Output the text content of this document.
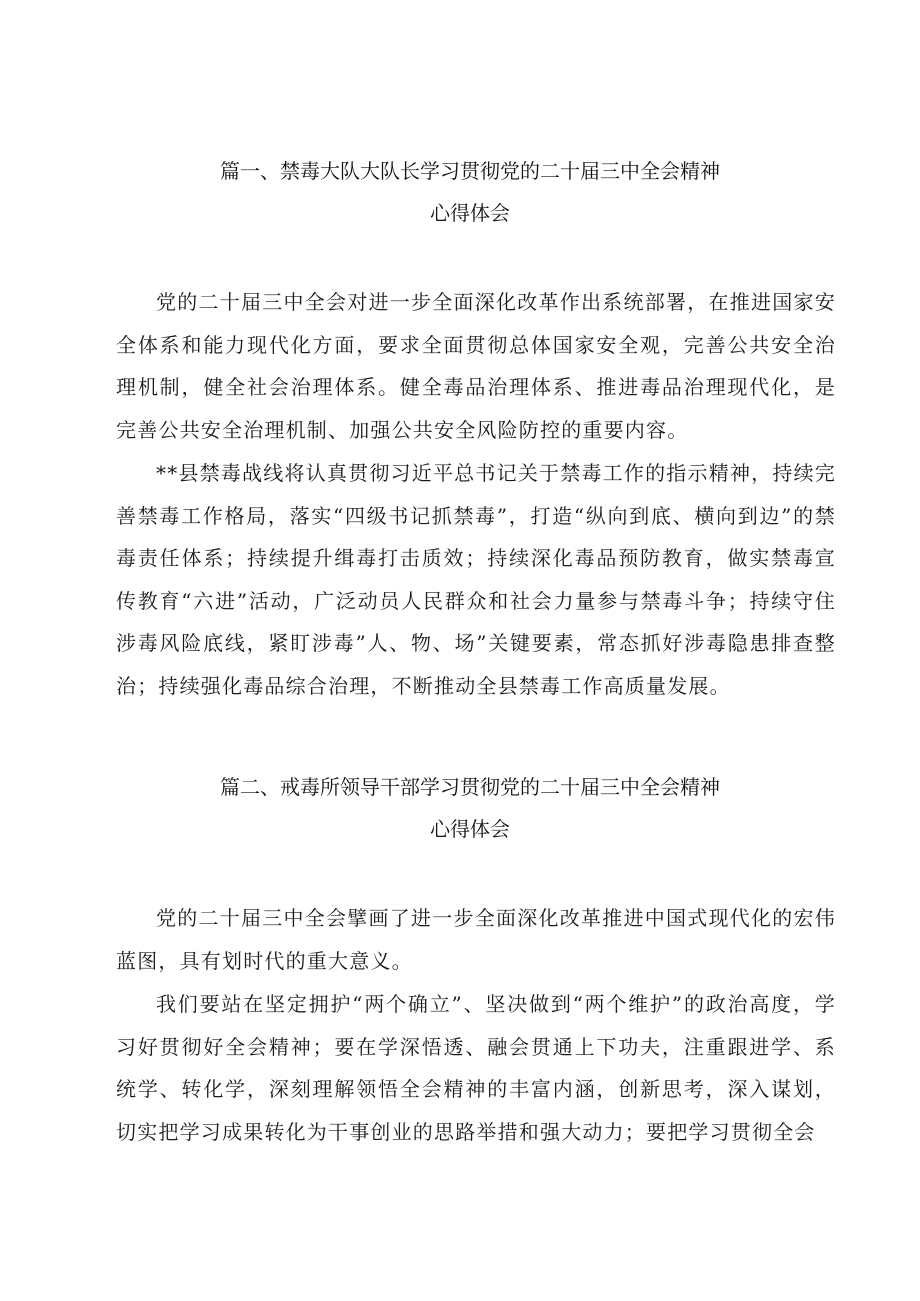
篇一、禁毒大队大队长学习贯彻党的二十届三中全会精神
心得体会

党的二十届三中全会对进一步全面深化改革作出系统部署，在推进国家安全体系和能力现代化方面，要求全面贯彻总体国家安全观，完善公共安全治理机制，健全社会治理体系。健全毒品治理体系、推进毒品治理现代化，是完善公共安全治理机制、加强公共安全风险防控的重要内容。

**县禁毒战线将认真贯彻习近平总书记关于禁毒工作的指示精神，持续完善禁毒工作格局，落实“四级书记抓禁毒”，打造“纵向到底、横向到边”的禁毒责任体系；持续提升缉毒打击质效；持续深化毒品预防教育，做实禁毒宣传教育“六进”活动，广泛动员人民群众和社会力量参与禁毒斗争；持续守住涉毒风险底线，紧盯涉毒”人、物、场”关键要素，常态抓好涉毒隐患排查整治；持续强化毒品综合治理，不断推动全县禁毒工作高质量发展。

篇二、戒毒所领导干部学习贯彻党的二十届三中全会精神
心得体会

党的二十届三中全会擘画了进一步全面深化改革推进中国式现代化的宏伟蓝图，具有划时代的重大意义。

我们要站在坚定拥护“两个确立”、坚决做到“两个维护”的政治高度，学习好贯彻好全会精神；要在学深悟透、融会贯通上下功夫，注重跟进学、系统学、转化学，深刻理解领悟全会精神的丰富内涵，创新思考，深入谋划，切实把学习成果转化为干事创业的思路举措和强大动力；要把学习贯彻全会
